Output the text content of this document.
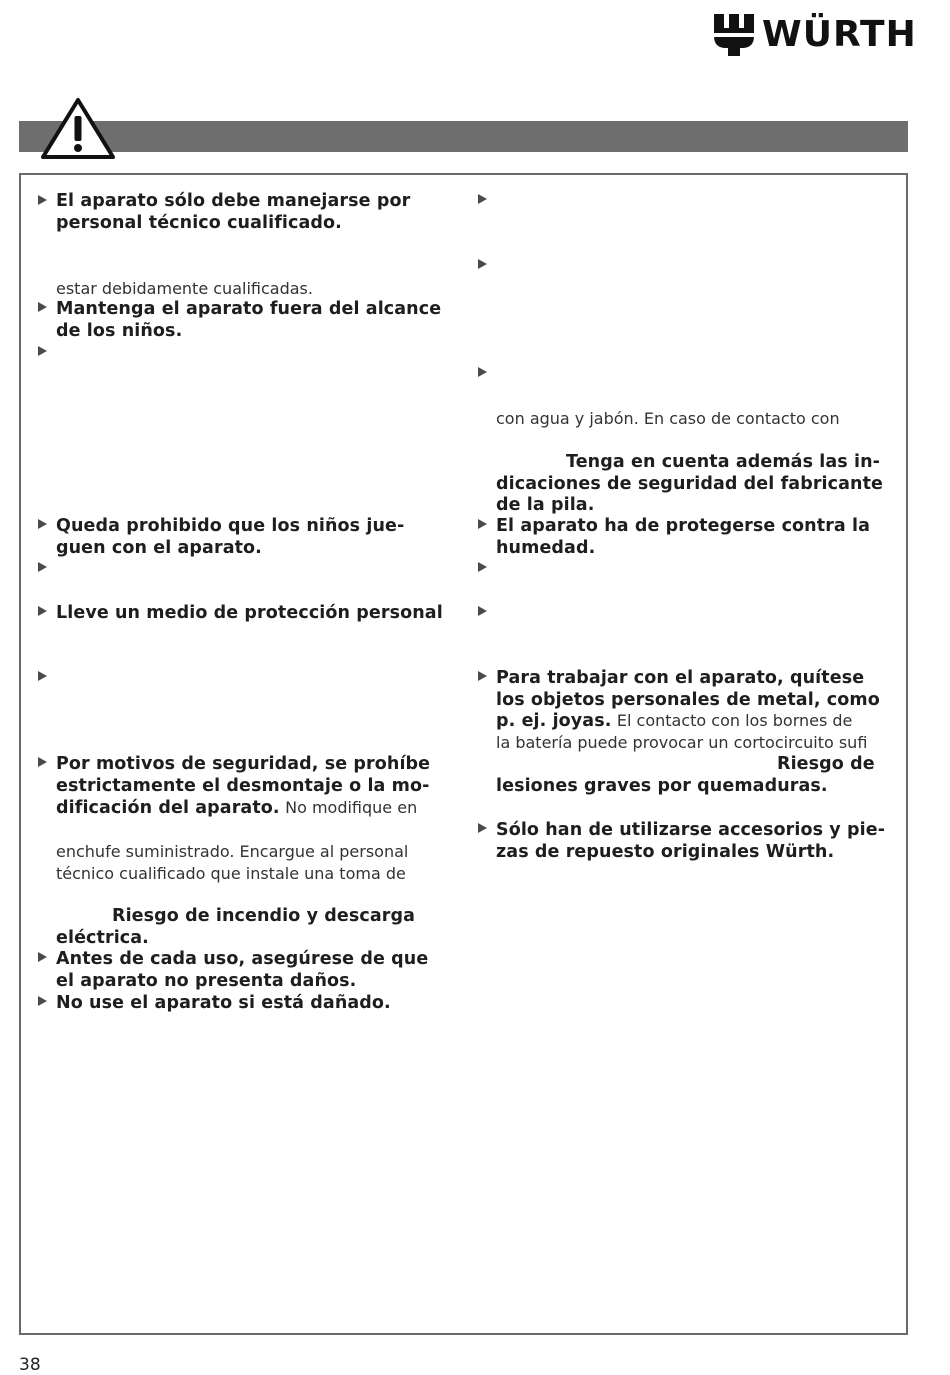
WÜRTH
El aparato sólo debe manejarse por
personal técnico cualificado.
estar debidamente cualificadas.
Mantenga el aparato fuera del alcance
de los niños.
Queda prohibido que los niños jue-
guen con el aparato.
Lleve un medio de protección personal
Por motivos de seguridad, se prohíbe
estrictamente el desmontaje o la mo-
dificación del aparato. No modifique en
enchufe suministrado. Encargue al personal
técnico cualificado que instale una toma de
Riesgo de incendio y descarga
eléctrica.
Antes de cada uso, asegúrese de que
el aparato no presenta daños.
No use el aparato si está dañado.
con agua y jabón. En caso de contacto con
Tenga en cuenta además las in-
dicaciones de seguridad del fabricante
de la pila.
El aparato ha de protegerse contra la
humedad.
Para trabajar con el aparato, quítese
los objetos personales de metal, como
p. ej. joyas. El contacto con los bornes de
la batería puede provocar un cortocircuito sufi
Riesgo de
lesiones graves por quemaduras.
Sólo han de utilizarse accesorios y pie-
zas de repuesto originales Würth.
38
